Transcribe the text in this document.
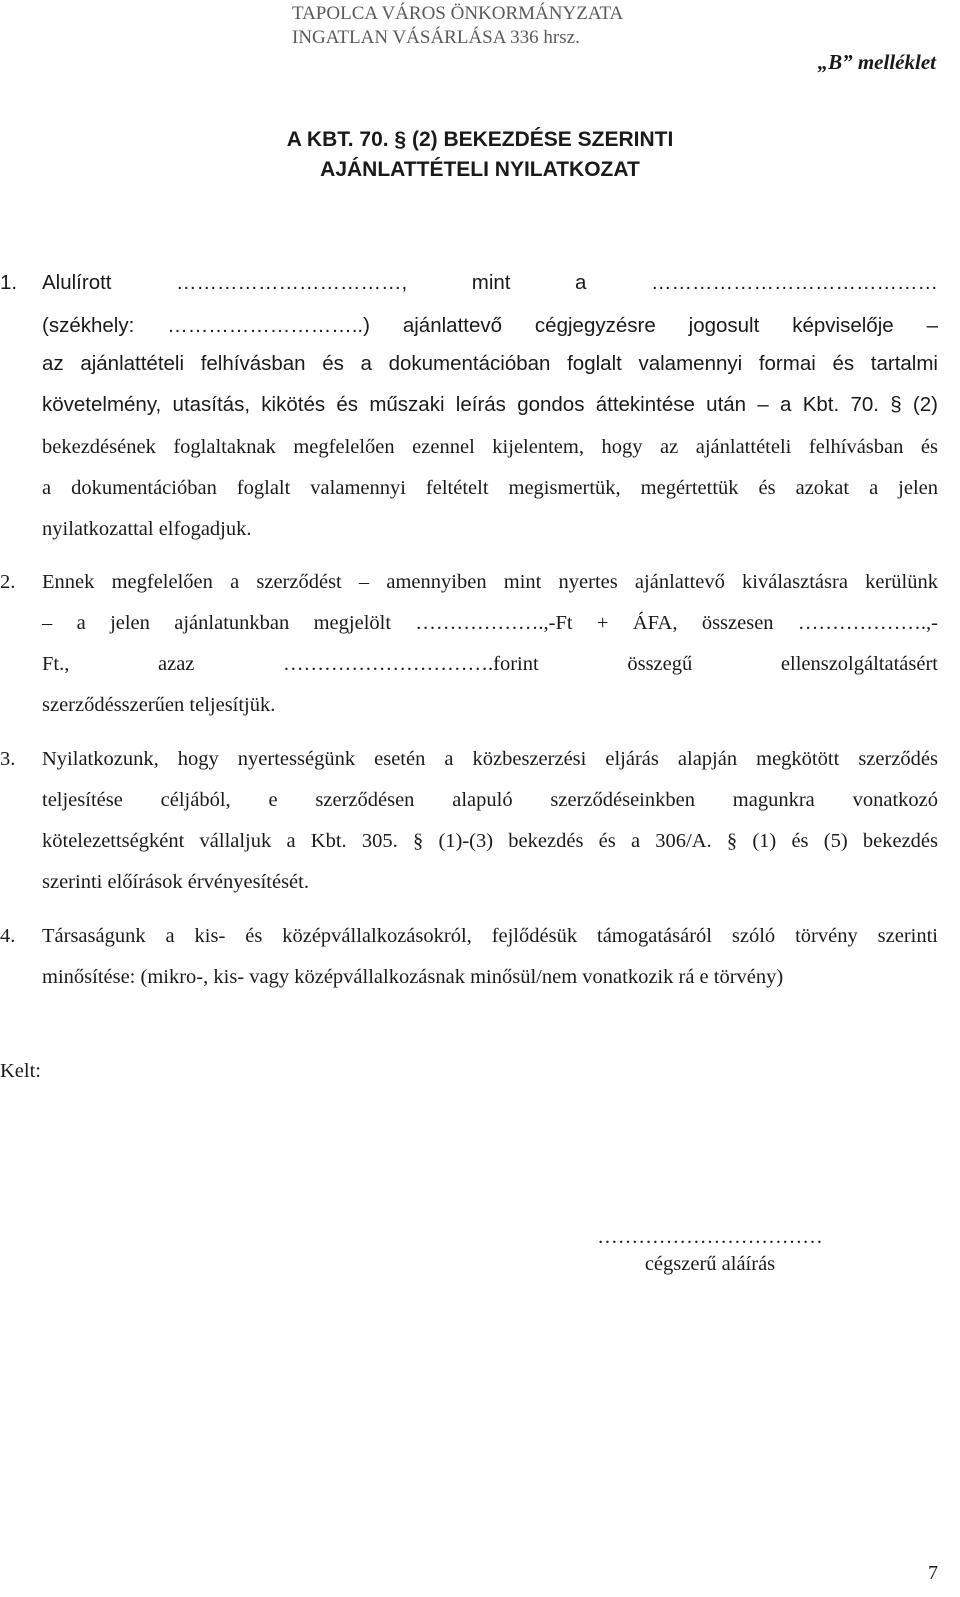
TAPOLCA VÁROS ÖNKORMÁNYZATA
INGATLAN VÁSÁRLÁSA 336 hrsz.
„B” melléklet
A KBT. 70. § (2) BEKEZDÉSE SZERINTI
AJÁNLATTÉTELI NYILATKOZAT
1. Alulírott ……………………………, mint a ……………………………………
(székhely: ………………………..) ajánlattevő cégjegyzésre jogosult képviselője –
az ajánlattételi felhívásban és a dokumentációban foglalt valamennyi formai és tartalmi
követelmény, utasítás, kikötés és műszaki leírás gondos áttekintése után – a Kbt. 70. § (2)
bekezdésének foglaltaknak megfelelően ezennel kijelentem, hogy az ajánlattételi felhívásban és
a dokumentációban foglalt valamennyi feltételt megismertük, megértettük és azokat a jelen
nyilatkozattal elfogadjuk.
2. Ennek megfelelően a szerződést – amennyiben mint nyertes ajánlattevő kiválasztásra kerülünk
– a jelen ajánlatunkban megjelölt ……………….,-Ft + ÁFA, összesen ……………….,-
Ft., azaz ………………………….forint összegű ellenszolgáltatásért
szerződésszerűen teljesítjük.
3. Nyilatkozunk, hogy nyertességünk esetén a közbeszerzési eljárás alapján megkötött szerződés
teljesítése céljából, e szerződésen alapuló szerződéseinkben magunkra vonatkozó
kötelezettségként vállaljuk a Kbt. 305. § (1)-(3) bekezdés és a 306/A. § (1) és (5) bekezdés
szerinti előírások érvényesítését.
4. Társaságunk a kis- és középvállalkozásokról, fejlődésük támogatásáról szóló törvény szerinti
minősítése: (mikro-, kis- vagy középvállalkozásnak minősül/nem vonatkozik rá e törvény)
Kelt:
……………………………
cégszerű aláírás
7
